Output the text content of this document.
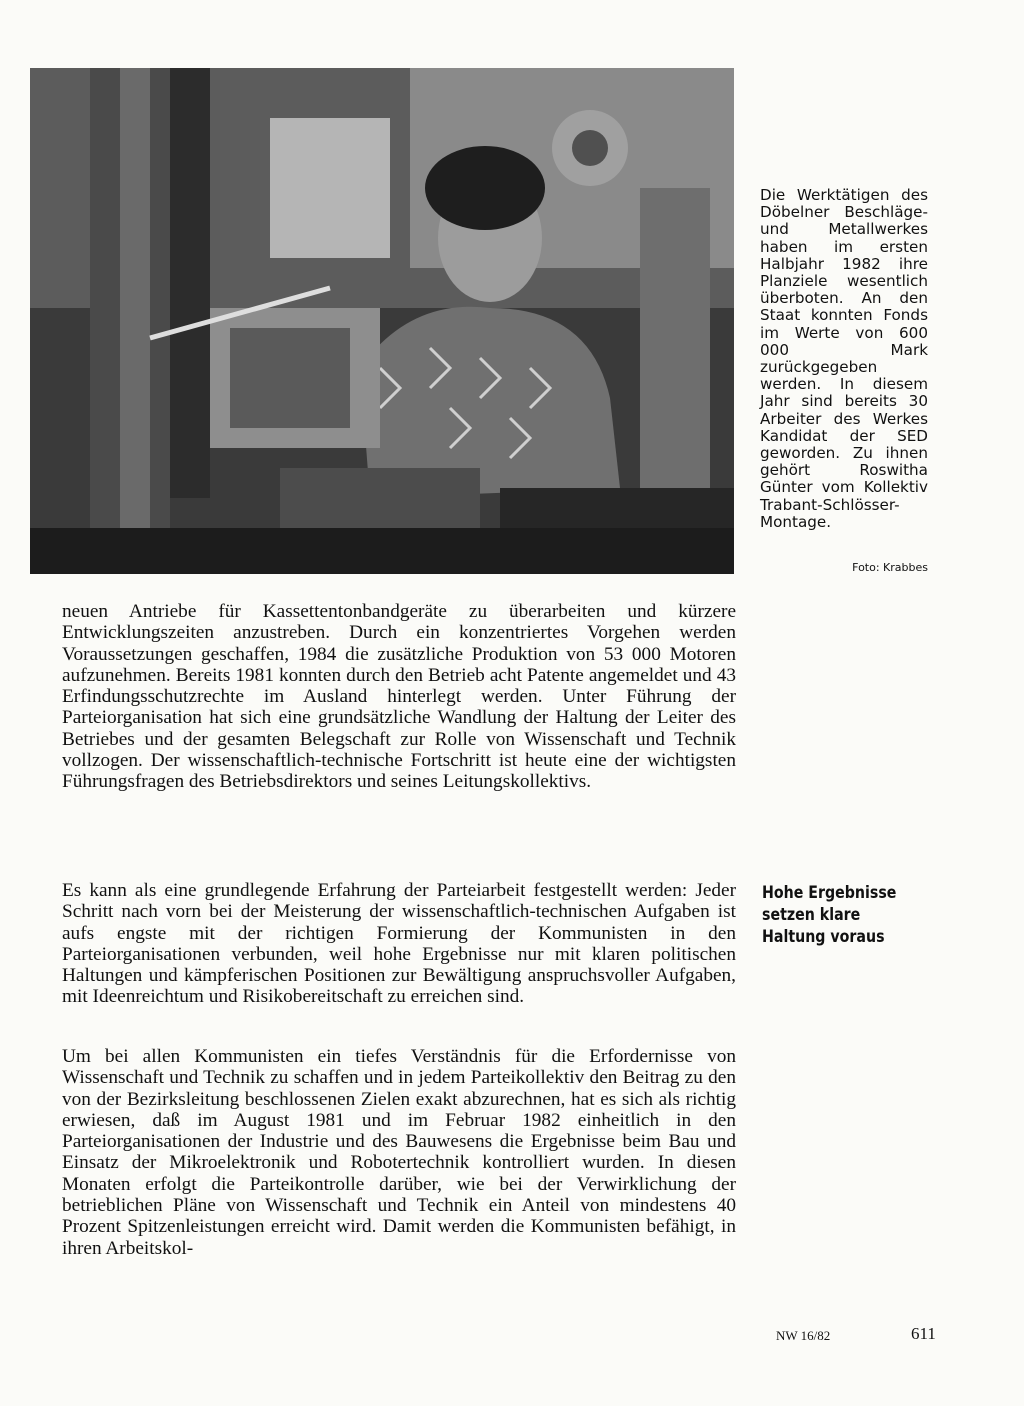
Die Werktätigen des Döbelner Beschläge- und Metallwerkes haben im ersten Halbjahr 1982 ihre Planziele wesentlich überboten. An den Staat konnten Fonds im Werte von 600 000 Mark zurückgegeben werden. In diesem Jahr sind bereits 30 Arbeiter des Werkes Kandidat der SED geworden. Zu ihnen gehört Roswitha Günter vom Kollektiv Trabant-Schlösser-Montage.
Foto: Krabbes

neuen Antriebe für Kassettentonbandgeräte zu überarbeiten und kürzere Entwicklungszeiten anzustreben. Durch ein konzentriertes Vorgehen werden Voraussetzungen geschaffen, 1984 die zusätzliche Produktion von 53 000 Motoren aufzunehmen. Bereits 1981 konnten durch den Betrieb acht Patente angemeldet und 43 Erfindungsschutzrechte im Ausland hinterlegt werden. Unter Führung der Parteiorganisation hat sich eine grundsätzliche Wandlung der Haltung der Leiter des Betriebes und der gesamten Belegschaft zur Rolle von Wissenschaft und Technik vollzogen. Der wissenschaftlich-technische Fortschritt ist heute eine der wichtigsten Führungsfragen des Betriebsdirektors und seines Leitungskollektivs.

Es kann als eine grundlegende Erfahrung der Parteiarbeit festgestellt werden: Jeder Schritt nach vorn bei der Meisterung der wissenschaftlich-technischen Aufgaben ist aufs engste mit der richtigen Formierung der Kommunisten in den Parteiorganisationen verbunden, weil hohe Ergebnisse nur mit klaren politischen Haltungen und kämpferischen Positionen zur Bewältigung anspruchsvoller Aufgaben, mit Ideenreichtum und Risikobereitschaft zu erreichen sind.

Um bei allen Kommunisten ein tiefes Verständnis für die Erfordernisse von Wissenschaft und Technik zu schaffen und in jedem Parteikollektiv den Beitrag zu den von der Bezirksleitung beschlossenen Zielen exakt abzurechnen, hat es sich als richtig erwiesen, daß im August 1981 und im Februar 1982 einheitlich in den Parteiorganisationen der Industrie und des Bauwesens die Ergebnisse beim Bau und Einsatz der Mikroelektronik und Robotertechnik kontrolliert wurden. In diesen Monaten erfolgt die Parteikontrolle darüber, wie bei der Verwirklichung der betrieblichen Pläne von Wissenschaft und Technik ein Anteil von mindestens 40 Prozent Spitzenleistungen erreicht wird. Damit werden die Kommunisten befähigt, in ihren Arbeitskol-

Hohe Ergebnisse setzen klare Haltung voraus
NW 16/82	611
